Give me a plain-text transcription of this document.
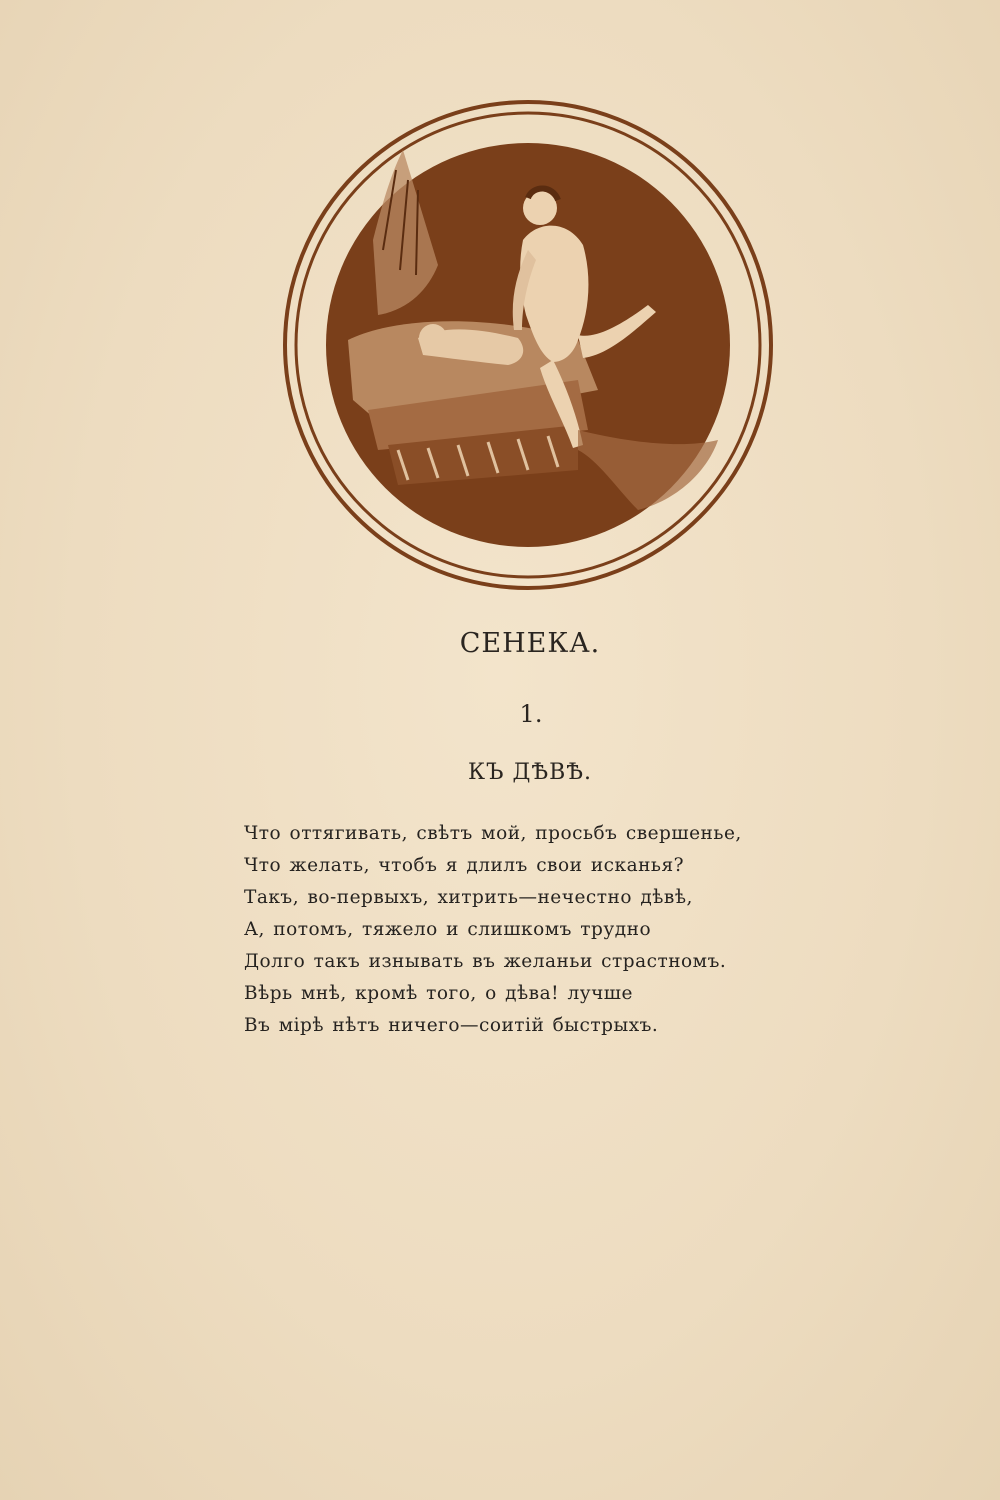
СЕНЕКА.
1.
КЪ ДѢВѢ.
Что оттягивать, свѣтъ мой, просьбъ свершенье,
Что желать, чтобъ я длилъ свои исканья?
Такъ, во-первыхъ, хитрить—нечестно дѣвѣ,
А, потомъ, тяжело и слишкомъ трудно
Долго такъ изнывать въ желаньи страстномъ.
Вѣрь мнѣ, кромѣ того, о дѣва! лучше
Въ мірѣ нѣтъ ничего—соитій быстрыхъ.
